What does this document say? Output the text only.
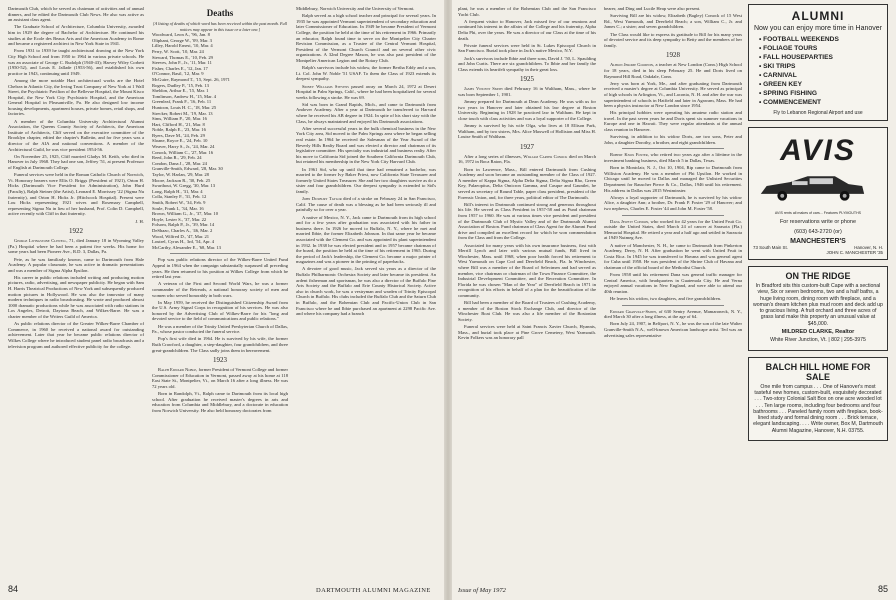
Dartmouth Club, which he served as chairman of activities and of annual dinners, and he edited the Dartmouth Club News. He also was active as an assistant class agent.

The Graduate School of Architecture, Columbia University, awarded him in 1929 the degree of Bachelor of Architecture. He continued his studies at the Ecole des Beaux Arts and the American Academy in Rome and became a registered architect in New York State in 1941.

From 1931 to 1939 he taught architectural drawing at the New York City High School and from 1950 to 1964 in various private schools. He was an associate of George C. Rudolph (1940-43); Harvey Wiley Corbett (1950-52), and Louis E. Jallade (1953-56), and established his own practice in 1943, continuing until 1949.

Among the more notable Hart architectural works are the Hotel Chelsea in Atlantic City, the Irving Trust Company of New York at 1 Wall Street, the Psychiatric Pavilion of the Bellevue Hospital, the Mount Kisco Hospital, the New York City Psychiatric Hospital, and the American General Hospital in Pleasantville, Pa. He also designed low income housing developments, apartment houses, private homes, retail shops, and factories.

A member of the Columbia University Architectural Alumni Association, the Queens County Society of Architects, the American Institute of Architects, Cliff served on the executive committee of the Brooklyn chapter, edited the chapter's Bulletin, and for five years was a director of the AIA and national conventions. A member of the Architectural Guild, he was vice president 1954-56.

On November 25, 1925, Cliff married Gladys M. Keith, who died in Hanover in July 1968. They had one son, Jeffrey '51, at present Professor of English at Dartmouth College.

Funeral services were held in the Roman Catholic Church of Norwich, Vt. Honorary bearers were Ellis O. Briggs (President of 1921), Orton H. Hicks (Dartmouth Vice President for Administration), John Hurd (Faculty), Ralph Steiner (the Artist), Leonard E. Morrissey '22 (Sigma Nu fraternity), and Orton H. Hicks Jr. (Hitchcock Hospital). Present were Lou Hicks representing 1921 wives and Rosemary Campbell, representing Sigma Nu in lieu of her husband, Prof. Colin D. Campbell, active recently with Cliff in that fraternity.

J. H.
1922

George Livingstone Clewell, 71, died January 18 in Wyoming Valley (Pa.) Hospital where he had been a patient five weeks. His home for some years had been Pioneer Ave., R.D. 3, Dallas, Pa.

Pete, as he was familiarly known, came to Dartmouth from Hale Academy. A popular classmate, he was active in dramatic presentations and was a member of Sigma Alpha Epsilon.

His career in public relations included writing and producing motion pictures, radio, advertising, and newspaper publicity. He began with Sam H. Harris Theatrical Productions of New York and subsequently produced motion pictures in Hollywood. He was also the innovator of many modern techniques in radio broadcasting. He wrote and produced almost 1000 dramatic productions while he was associated with radio stations in Los Angeles, Detroit, Daytona Beach, and Wilkes-Barre. He was a charter member of the Writers Guild of America.

As public relations director of the Greater Wilkes-Barre Chamber of Commerce, in 1960 he received a national award for outstanding achievement. Later that year he became public relations director of Wilkes College where he introduced student panel radio broadcasts and a television program and authored effective publicity for the college.

Deaths
[A listing of deaths of which word has been received within the past month. Full notices may appear in this issue or a later one.]
Woodward, Leon A., '96, Jan. 8
Oliphant, George W., '09, Mar. 3
Lilley, Harold Ernest, '10, Mar. 4
Perry, W. Scott, '10, Mar. 24
Steward, Thomas E., '10, Feb. 29
Steeves, John F., Jr., '11, Mar. 11
Fisher, Charles E., '12, Jan. 17
O'Connor, Basil, '12, Mar. 9
McGuire, Raymond T., '15, Sept. 26, 1971
Rogers, Dudley P., '15, Feb. 13
Sheldon, Arthur E., '15, Mar. 1
Tomlinson, Andrew H., '15, Mar. 4
Greenleaf, Frank F., '16, Feb. 11
Huntoon, Louis H. C., '18, Mar. 25
Strecker, Robert M., '19, Mar. 13
Sims, William P., '20, Mar. 16
Hart, Clifford H., '21, Mar. 8
Noble, Ralph E., '23, Mar. 16
Byers, Dave M., '24, Feb. 29
Sloane, Royce E., '24, Feb. 10
Weaver, Harry S., Jr., '24, Mar. 24
Conock, William C., '27, Mar. 16
Reed, John R., '29, Feb. 24
Condon, Dana J., '28, Mar. 24
Granville-Smith, Edward, '28, Mar. 30
Taylor, W. Harlan, '29, Mar. 28
Moore, Jackson R., '30, Feb. 25
Swarthout, W. Gregg, '30, Mar. 13
Long, Ralph H., '31, Mar. 4
Colla, Stanley F., '31, Feb. 12
Smith, Robert W., '34, Feb. 9
Soule, Frank I., '34, Mar. 16
Brown, William G., Jr., '37, Mar. 10
Hoyle, Lester S., '37, Mar. 22
Folsom, Ralph P., Jr., '39, Mar. 14
DeShazo, Charles A., '46, Mar. 2
Wood, Wilfred D., '47, Mar. 21
Loutrel, Cyrus H., 3rd, '54, Apr. 4
McCarthy, Alexander E., '68, Mar. 13

Pop was public relations director of the Wilkes-Barre United Fund Appeal in 1964 when the campaign substantially surpassed all preceding years. He then returned to his position at Wilkes College from which he retired last year.

A veteran of the First and Second World Wars, he was a former commander of the Retreads, a national honorary society of men and women who served honorably in both wars.

In May 1959, he received the Distinguished Citizenship Award from the U.S. Army Signal Corps in recognition of his services. He was also honored by the Advertising Club of Wilkes-Barre for his "long and devoted service to the field of communications and public relations."

He was a member of the Trinity United Presbyterian Church of Dallas, Pa., whose pastor conducted the funeral service.

Pop's first wife died in 1964. He is survived by his wife, the former Ruth Crawford, a daughter, a step-daughter, four grandchildren, and three great-grandchildren. The Class sadly joins them in bereavement.

1923

Ralph Edward Noble, former President of Vermont College and former Commissioner of Education in Vermont, passed away at his home at 118 East State St., Montpelier, Vt., on March 16 after a long illness. He was 72 years old.

Born in Randolph, Vt., Ralph came to Dartmouth from its local high school. After graduation he received master's degrees in arts and education from Columbia and Middlebury, and a doctorate in education from Norwich University. He also held honorary doctorates from

Middlebury, Norwich University and the University of Vermont.

Ralph served as a high school teacher and principal for several years. In 1935 he was appointed Vermont superintendent of secondary education and later Commissioner of Education. In 1949 he became President of Vermont College, the position he held at the time of his retirement in 1966. Primarily an educator, Ralph found time to serve on the Montpelier City Charter Revision Commission, as a Trustee of the Central Vermont Hospital, President of the Vermont Church Council and on several other civic organizations. A 32nd Degree Mason, he was also past president of the Montpelier American Legion and the Rotary Club.

Ralph's survivors include his widow, the former Bertha Eddy and a son, Lt. Col. John W. Noble '51 USAF. To them the Class of 1923 extends its deepest sympathy.

Sidney Williams Stevens passed away on March 24, 1972 at Desert Hospital in Palm Springs, Calif., where he had been hospitalized for several weeks following a stroke. He was 69.

Sid was born in Grand Rapids, Mich., and came to Dartmouth from Andover Academy. After a year at Dartmouth he transferred to Harvard where he received his AB degree in 1924. In spite of his short stay with the Class, he always maintained and enjoyed his Dartmouth associations.

After several successful years in the bulk chemical business in the New York City area, Sid moved to the Palm Springs area where he began selling real estate. In 1964 he received the Salesman of the Year Award of the Beverly Hills Realty Board and was elected a director and chairman of its legislative committee. His specialty was industrial and business realty. After his move to California Sid joined the Southern California Dartmouth Club, but retained his membership in the New York City Harvard Club.

In 1961 Sid, who up until that time had remained a bachelor, was married to the former Ivy Baker Priest, now California State Treasurer and formerly United States Treasurer. She and her two daughters survive as do a sister and four grandchildren. Our deepest sympathy is extended to Sid's family.

John Duxbury Taylor died of a stroke on February 24 in San Francisco, Calif. The cause of death was a blessing as he had been seriously ill and painfully so for over a year.

A native of Mexico, N. Y., Jack came to Dartmouth from its high school and for a few years after graduation was associated with his father in business there. In 1926 he moved to Buffalo, N. Y., where he met and married Ibbie, the former Elizabeth Johnson. In that same year he became associated with the Clement Co. and was appointed its plant superintendent in 1932. In 1938 he was elected president and in 1957 became chairman of the board, the position he held at the time of his retirement in 1965. During the period of Jack's leadership, the Clement Co. became a major printer of magazines and was a pioneer in the printing of paperbacks.

A devotee of good music, Jack served six years as a director of the Buffalo Philharmonic Orchestra Society and later became its president. An ardent fisherman and sportsman, he was also a director of the Buffalo Fine Arts Society and the Buffalo and Erie County Historical Society. Active also in church work, he was a vestryman and warden of Trinity Episcopal Church in Buffalo. His clubs included the Buffalo Club and the Saturn Club in Buffalo, and the Bohemian Club and Pacific-Union Club in San Francisco where he and Ibbie purchased an apartment at 2298 Pacific Ave. and where his company had a branch

84	DARTMOUTH ALUMNI MAGAZINE

plant, he was a member of the Bohemian Club and the San Francisco Yacht Club.

A frequent visitor to Hanover, Jack missed few of our reunions and continued his interest in the affairs of the College and his fraternity, Alpha Delta Phi, over the years. He was a director of our Class at the time of his death.

Private funeral services were held in St. Lukes Episcopal Church in San Francisco. Burial took place in Jack's native Mexico, N.Y.

Jack's survivors include Ibbie and three sons, David J. '50, L. Spaulding and John Curtis. There are six grandchildren. To Ibbie and her family the Class extends its heartfelt sympathy in their great loss.

1925

James Vincent Smith died February 16 in Waltham, Mass., where he was born September 1, 1901.

Jimmy prepared for Dartmouth at Dean Academy. He was with us for two years in Hanover and later obtained his law degree at Boston University. Beginning in 1928 he practiced law in Waltham. He kept in close touch with class activities and was a loyal supporter of the College.

Jimmy is survived by his wife Olga, who lives at 18 Ellison Park, Waltham, and by two sisters, Mrs. Alice Maxwell of Holliston and Miss H. Louise Smith of Waltham.

1927

After a long series of illnesses, William Carter Conock died on March 16, 1972 in Boca Raton, Fla.

Born in Lawrence, Mass., Bill entered Dartmouth from Cushing Academy and soon became an outstanding member of the Class of 1927. A member of Kappa Sigma, Alpha Delta Sigma, Delta Sigma Rho, Green Key, Palaeopitus, Delta Omicron Gamma, and Casque and Gauntlet, he served as secretary of Round Table, paper class president, president of the Forensic Union, and, for three years, political editor of The Dartmouth.

Bill's interest in Dartmouth continued strong and generous throughout his life. He served as Class President in 1957-58 and as Fund chairman from 1957 to 1960. He was at various times vice president and president of the Dartmouth Club of Mystic Valley and of the Dartmouth Alumni Association of Boston. Fund chairman of Class Agent for the Alumni Fund drive and compiled an excellent record for which he won commendation from the Class and from the College.

Associated for many years with his own insurance business, first with Merrill Lynch and later with various mutual funds, Bill lived in Winchester, Mass. until 1968, when poor health forced his retirement to West Yarmouth on Cape Cod and Deerfield Beach, Fla. In Winchester, where Bill was a member of the Board of Selectmen and had served as member, vice chairman or chairman of the Town Finance Committee, the Industrial Development Committee, and the Recreation Committee. In Florida he was chosen "Man of the Year" of Deerfield Beach in 1971 in recognition of his efforts in behalf of a plan for the beautification of the community.

Bill had been a member of the Board of Trustees of Cushing Academy, a member of the Boston Stock Exchange Club, and director of the Winchester Boat Club. He was also a life member of the Bostonian Society.

Funeral services were held at Saint Francis Xavier Church, Hyannis, Mass., and burial took place at Pine Grove Cemetery, West Yarmouth. Kevin Folkers was an honorary pall

bearer, and Ding and Lucile Heap were also present.

Surviving Bill are his widow, Elizabeth (Bagley) Conock of 15 West Rd., West Yarmouth, and Deerfield Beach; a son, William C., Jr. and James C.; a sister; and seven grandchildren.

The Class would like to express its gratitude to Bill for his many years of devoted service and its deep sympathy to Betty and the members of her family.

1928

Albion Jerome Goodwin, a teacher at New London (Conn.) High School for 18 years, died in his sleep February 25. He and Doris lived on Raymond Hill Road, Oakdale, Conn.

Jerry was born at York, Me., and after graduating from Dartmouth received a master's degree at Columbia University. He served as principal of high schools in Arlington, Vt., and Laconia, N. H. and after the war was superintendent of schools in Hatfield and later in Agawam, Mass. He had been a physics instructor at New London since 1954.

His principal hobbies were operating his amateur radio station and travel. In the past seven years he and Doris spent six summer vacations in Europe and one in Hawaii. They were regular attendants at the annual class reunion in Hanover.

Surviving, in addition to his widow Doris, are two sons, Peter and John, a daughter Dorothy, a brother, and eight grandchildren.

Robert Knox Foster, who retired two years ago after a lifetime in the investment banking business, died March 5 in Dallas, Texas.

Born in Montclair, N. J., Oct 10, 1904, Rip came to Dartmouth from Williston Academy. He was a member of Phi Upsilon. He worked in Chicago until he moved to Dallas and managed the Unlisted Securities Department for Rauscher Pierce & Co., Dallas, 1946 until his retirement. His address in Dallas was 2815 Westminster.

Always a loyal supporter of Dartmouth, he is survived by his widow Alice, a daughter Ann; a brother, Dr. Frank P. Foster '29 of Hanover; and two nephews, Charles E. Foster '44 and John M. Foster '58.

Dana Jewett Condon, who worked for 42 years for the United Fruit Co. outside the United States, died March 24 of cancer at Sarasota (Fla.) Memorial Hospital. He retired a year and a half ago and settled in Sarasota at 1949 Nutmeg Ave.

A native of Manchester, N. H., he came to Dartmouth from Pinkerton Academy, Derry, N. H. After graduation he went with United Fruit in Costa Rica. In 1945 he was transferred to Havana and was general agent for Cuba until 1958. He was president of the Shrine Club of Havana and chairman of the official board of the Methodist Church.

From 1958 until his retirement Dana was general traffic manager for Central America, with headquarters in Guatemala City. He and Verna enjoyed annual vacations in New England, and were able to attend our 40th reunion.

He leaves his widow, two daughters, and five grandchildren.

Edward Granville-Smith, of 630 Sentry Avenue, Mamaroneck, N. Y., died March 30 after a long illness, at the age of 64.

Born July 24, 1907, in Belfport, N. Y., he was the son of the late Walter Granville-Smith N.A., well-known American landscape artist. Ted was an advertising sales representative

ALUMNI
Now you can enjoy more time in Hanover
• FOOTBALL WEEKENDS
• FOLIAGE TOURS
• FALL HOUSEPARTIES
• SKI TRIPS
• CARNIVAL
• GREEN KEY
• SPRING FISHING
• COMMENCEMENT
Fly to Lebanon Regional Airport and use
AVIS
AVIS rents all makes of cars... Features PLYMOUTHS
For reservations write or phone
(603) 643-2720 (or)
MANCHESTER'S
73 South Main St.	Hanover, N. H.
JOHN C. MANCHESTER '35
ON THE RIDGE

In Bradford sits this custom-built Cape with a sectional view, Six or seven bedrooms, two and a half baths, a huge living room, dining room with fireplace, and a woman's dream kitchen plus mud room and deck add up to gracious living. A fruit orchard and three acres of grass land make this property an unusual value at $45,000.

MILDRED CLARKE, Realtor

White River Junction, Vt. | 802 | 295-3975

BALCH HILL HOME FOR SALE

One mile from campus . . . One of Hanover's most tasteful new homes, custom-built, exquisitely decorated . . . Two-story Colonial Salt Box on one acre wooded lot . . . Ten large rooms, including four bedrooms and four bathrooms . . . Paneled family room with fireplace, book-lined study and formal dining room . . . Brick terrace, elegant landscaping. . . . Write owner, Box M, Dartmouth Alumni Magazine, Hanover, N.H. 03755.

Issue of May 1972	85
